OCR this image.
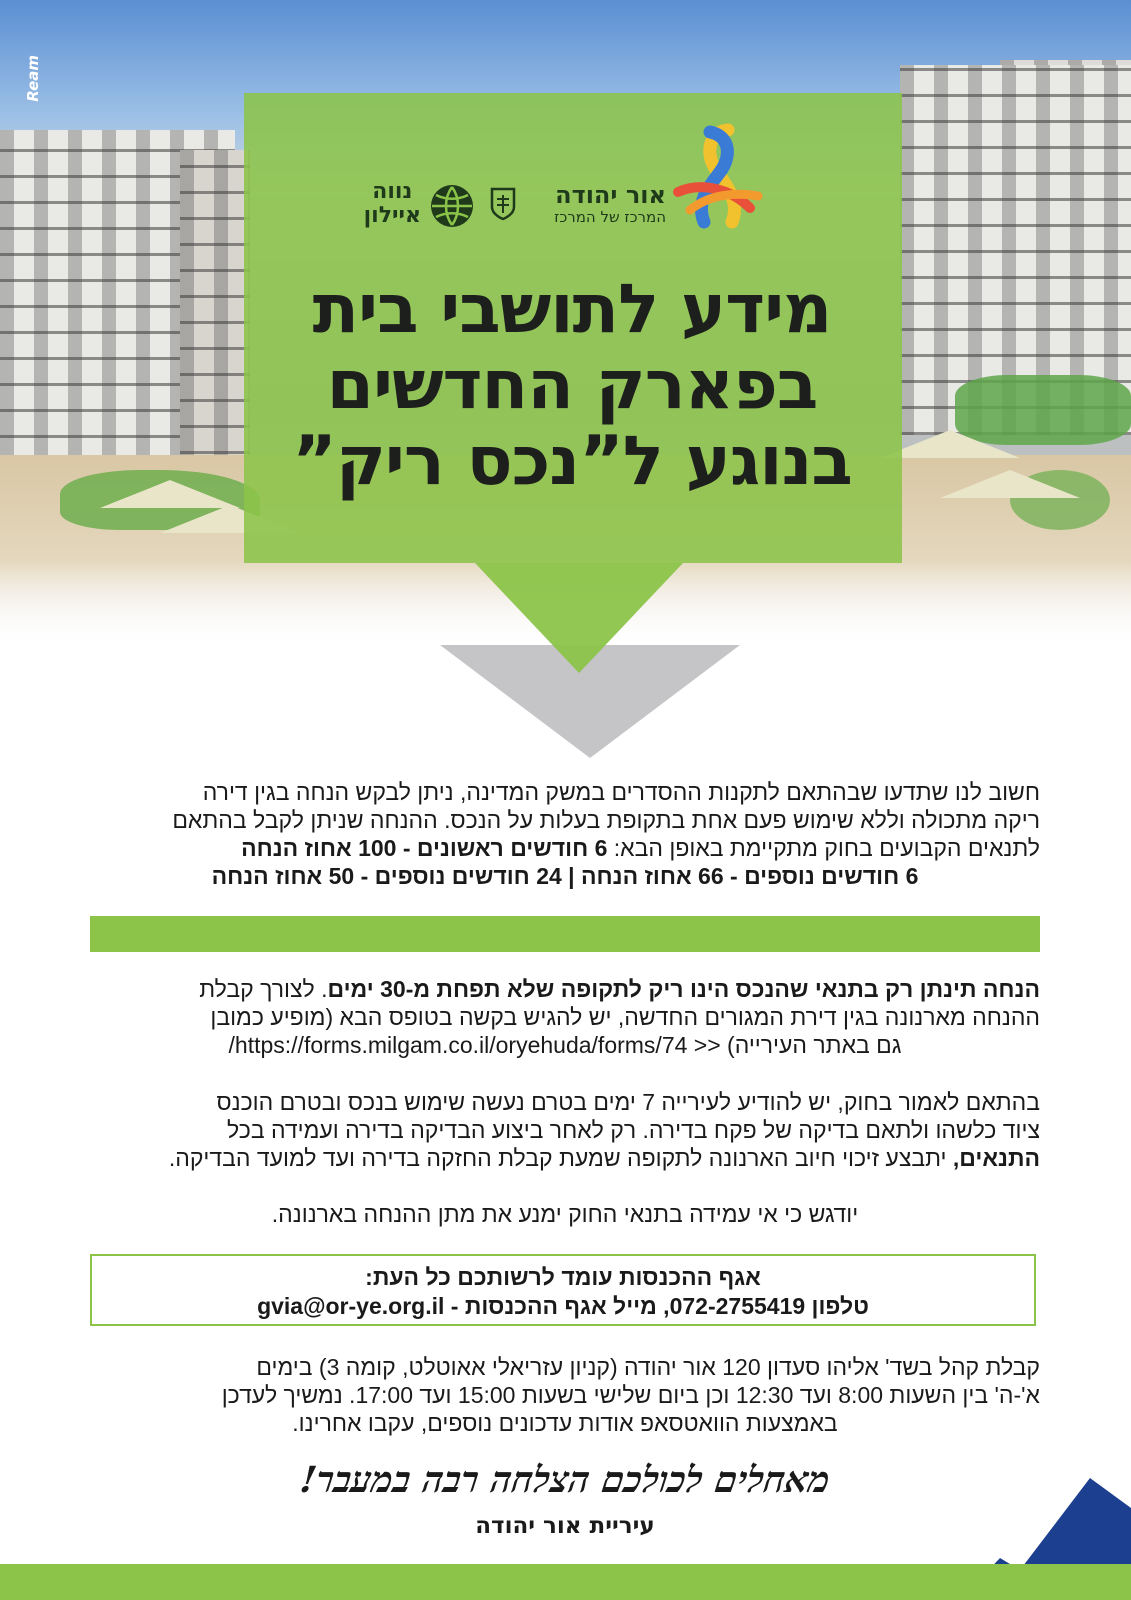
Ream
אור יהודה
המרכז של המרכז
נווה
איילון
מידע לתושבי בית
בפארק החדשים
בנוגע ל”נכס ריק”
חשוב לנו שתדעו שבהתאם לתקנות ההסדרים במשק המדינה, ניתן לבקש הנחה בגין דירה
ריקה מתכולה וללא שימוש פעם אחת בתקופת בעלות על הנכס. ההנחה שניתן לקבל בהתאם
לתנאים הקבועים בחוק מתקיימת באופן הבא: 6 חודשים ראשונים - 100 אחוז הנחה
6 חודשים נוספים - 66 אחוז הנחה | 24 חודשים נוספים - 50 אחוז הנחה
הנחה תינתן רק בתנאי שהנכס הינו ריק לתקופה שלא תפחת מ-30 ימים. לצורך קבלת
ההנחה מארנונה בגין דירת המגורים החדשה, יש להגיש בקשה בטופס הבא (מופיע כמובן
גם באתר העירייה) << https://forms.milgam.co.il/oryehuda/forms/74/
בהתאם לאמור בחוק, יש להודיע לעירייה 7 ימים בטרם נעשה שימוש בנכס ובטרם הוכנס
ציוד כלשהו ולתאם בדיקה של פקח בדירה. רק לאחר ביצוע הבדיקה בדירה ועמידה בכל
התנאים, יתבצע זיכוי חיוב הארנונה לתקופה שמעת קבלת החזקה בדירה ועד למועד הבדיקה.
יודגש כי אי עמידה בתנאי החוק ימנע את מתן ההנחה בארנונה.
אגף ההכנסות עומד לרשותכם כל העת:
טלפון 072-2755419, מייל אגף ההכנסות - gvia@or-ye.org.il
קבלת קהל בשד' אליהו סעדון 120 אור יהודה (קניון עזריאלי אאוטלט, קומה 3) בימים
א'-ה' בין השעות 8:00 ועד 12:30 וכן ביום שלישי בשעות 15:00 ועד 17:00. נמשיך לעדכן
באמצעות הוואטסאפ אודות עדכונים נוספים, עקבו אחרינו.
מאחלים לכולכם הצלחה רבה במעבר!
עיריית אור יהודה
